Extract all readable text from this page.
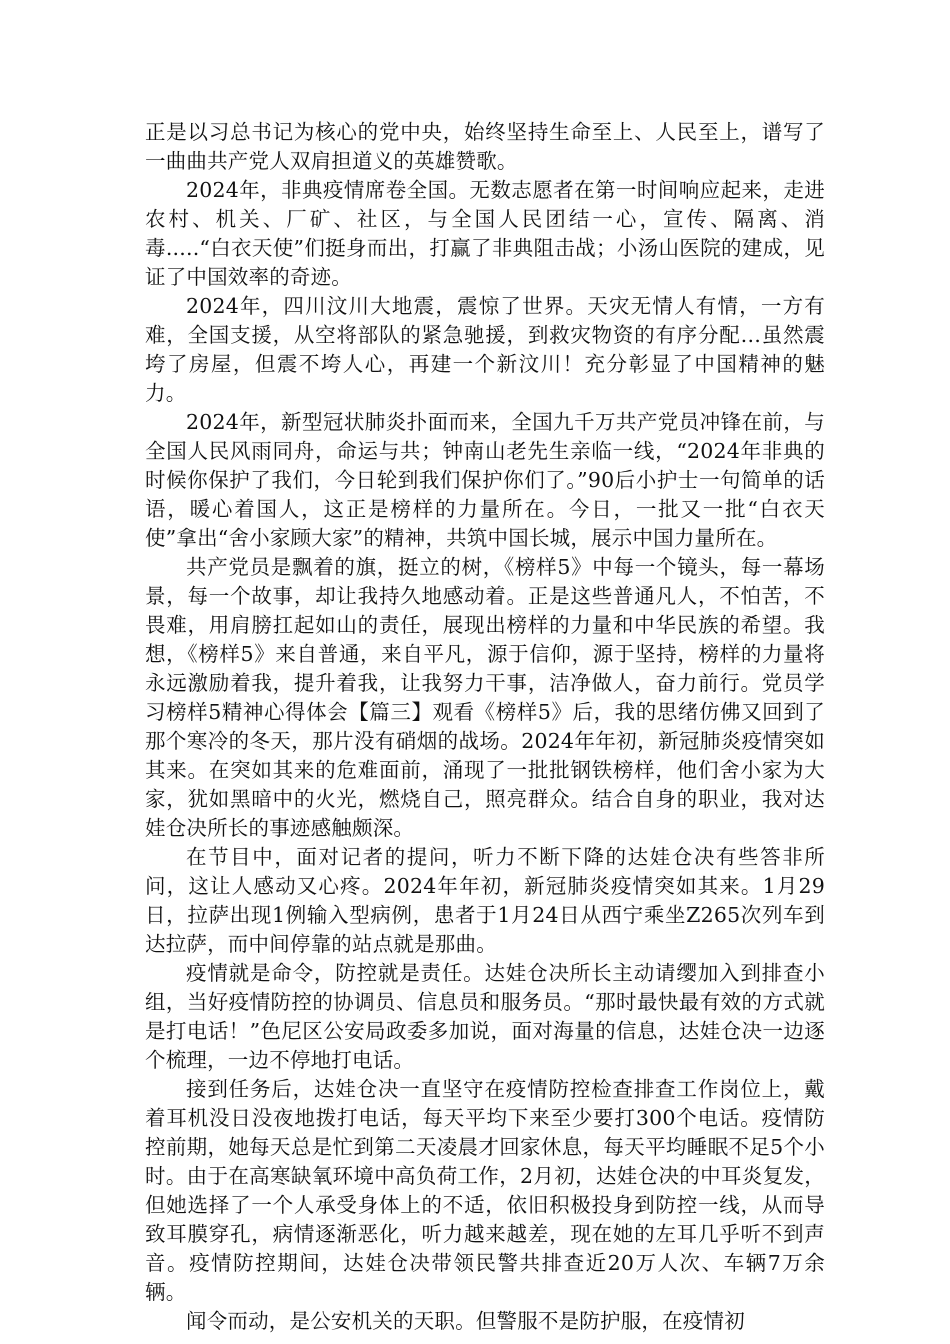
正是以习总书记为核心的党中央，始终坚持生命至上、人民至上，谱写了一曲曲共产党人双肩担道义的英雄赞歌。

2024年，非典疫情席卷全国。无数志愿者在第一时间响应起来，走进农村、机关、厂矿、社区，与全国人民团结一心，宣传、隔离、消毒.....“白衣天使”们挺身而出，打赢了非典阻击战；小汤山医院的建成，见证了中国效率的奇迹。

2024年，四川汶川大地震，震惊了世界。天灾无情人有情，一方有难，全国支援，从空将部队的紧急驰援，到救灾物资的有序分配…虽然震垮了房屋，但震不垮人心，再建一个新汶川！充分彰显了中国精神的魅力。

2024年，新型冠状肺炎扑面而来，全国九千万共产党员冲锋在前，与全国人民风雨同舟，命运与共；钟南山老先生亲临一线，“2024年非典的时候你保护了我们，今日轮到我们保护你们了。”90后小护士一句简单的话语，暖心着国人，这正是榜样的力量所在。今日，一批又一批“白衣天使”拿出“舍小家顾大家”的精神，共筑中国长城，展示中国力量所在。

共产党员是飘着的旗，挺立的树，《榜样5》中每一个镜头，每一幕场景，每一个故事，却让我持久地感动着。正是这些普通凡人，不怕苦，不畏难，用肩膀扛起如山的责任，展现出榜样的力量和中华民族的希望。我想，《榜样5》来自普通，来自平凡，源于信仰，源于坚持，榜样的力量将永远激励着我，提升着我，让我努力干事，洁净做人，奋力前行。党员学习榜样5精神心得体会【篇三】观看《榜样5》后，我的思绪仿佛又回到了那个寒冷的冬天，那片没有硝烟的战场。2024年年初，新冠肺炎疫情突如其来。在突如其来的危难面前，涌现了一批批钢铁榜样，他们舍小家为大家，犹如黑暗中的火光，燃烧自己，照亮群众。结合自身的职业，我对达娃仓决所长的事迹感触颇深。

在节目中，面对记者的提问，听力不断下降的达娃仓决有些答非所问，这让人感动又心疼。2024年年初，新冠肺炎疫情突如其来。1月29日，拉萨出现1例输入型病例，患者于1月24日从西宁乘坐Z265次列车到达拉萨，而中间停靠的站点就是那曲。

疫情就是命令，防控就是责任。达娃仓决所长主动请缨加入到排查小组，当好疫情防控的协调员、信息员和服务员。“那时最快最有效的方式就是打电话！”色尼区公安局政委多加说，面对海量的信息，达娃仓决一边逐个梳理，一边不停地打电话。

接到任务后，达娃仓决一直坚守在疫情防控检查排查工作岗位上，戴着耳机没日没夜地拨打电话，每天平均下来至少要打300个电话。疫情防控前期，她每天总是忙到第二天凌晨才回家休息，每天平均睡眠不足5个小时。由于在高寒缺氧环境中高负荷工作，2月初，达娃仓决的中耳炎复发，但她选择了一个人承受身体上的不适，依旧积极投身到防控一线，从而导致耳膜穿孔，病情逐渐恶化，听力越来越差，现在她的左耳几乎听不到声音。疫情防控期间，达娃仓决带领民警共排查近20万人次、车辆7万余辆。

闻令而动，是公安机关的天职。但警服不是防护服，在疫情初
